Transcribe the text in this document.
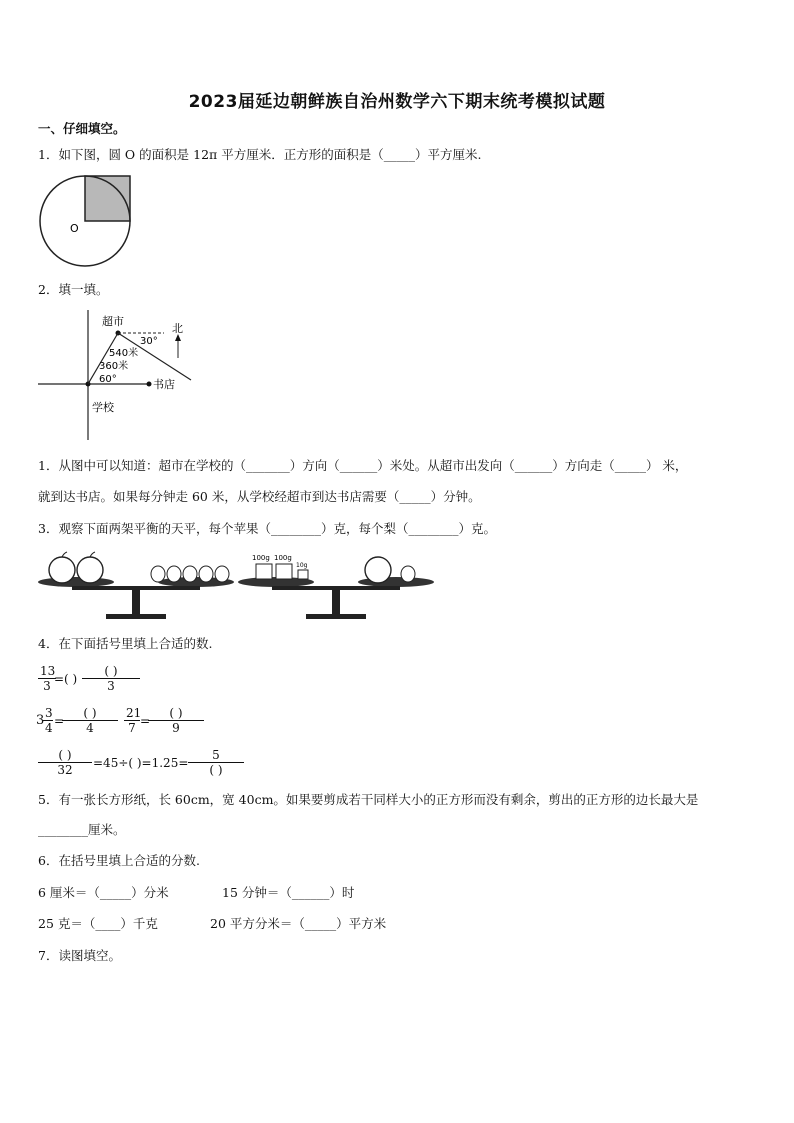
2023届延边朝鲜族自治州数学六下期末统考模拟试题
一、仔细填空。
1．如下图，圆 O 的面积是 12π 平方厘米．正方形的面积是（_____）平方厘米.
O
2．填一填。
超市
北
30°
540米
360米
60°	书店
学校
1．从图中可以知道：超市在学校的（_______）方向（______）米处。从超市出发向（______）方向走（_____） 米，
就到达书店。如果每分钟走 60 米，从学校经超市到达书店需要（_____）分钟。
3．观察下面两架平衡的天平，每个苹果（________）克，每个梨（________）克。
100g 100g
10g
4．在下面括号里填上合适的数.
$\frac{13}{3}$
=( )
( )
3
3
$\frac{3}{4}$ =
( )
4	$\frac{21}{7}$ =
( )
9
( )
32	=45÷( )=1.25=
5
( )
5．有一张长方形纸，长 60cm，宽 40cm。如果要剪成若干同样大小的正方形而没有剩余，剪出的正方形的边长最大是
________厘米。
6．在括号里填上合适的分数.
6 厘米＝（_____）分米	15 分钟＝（______）时
25 克＝（____）千克	20 平方分米＝（_____）平方米
7．读图填空。
